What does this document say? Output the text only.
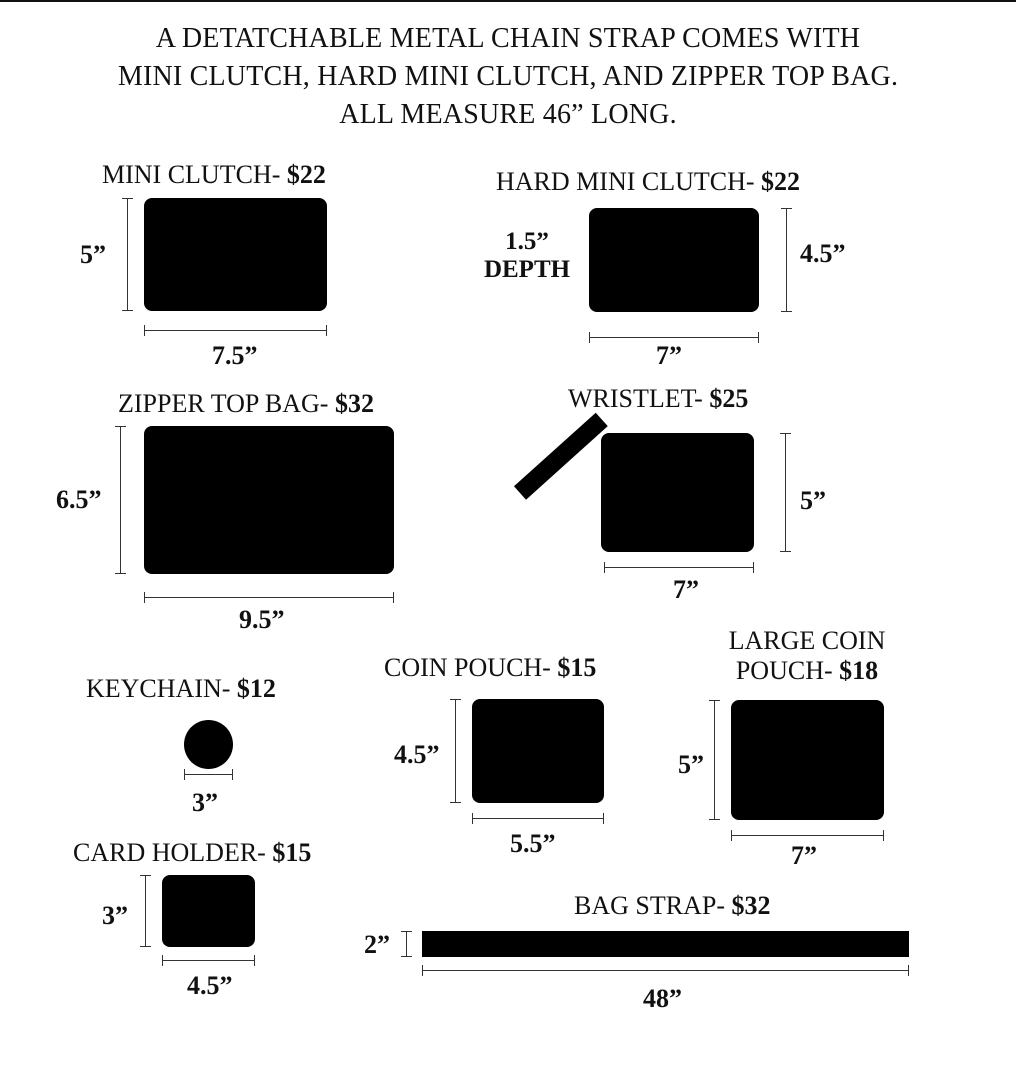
A DETATCHABLE METAL CHAIN STRAP COMES WITH
MINI CLUTCH, HARD MINI CLUTCH, AND ZIPPER TOP BAG.
ALL MEASURE 46” LONG.
MINI CLUTCH- $22
5”
7.5”
HARD MINI CLUTCH- $22
1.5”
DEPTH
4.5”
7”
ZIPPER TOP BAG- $32
6.5”
9.5”
WRISTLET- $25
5”
7”
KEYCHAIN- $12
3”
COIN POUCH- $15
4.5”
5.5”
LARGE COIN
POUCH- $18
5”
7”
CARD HOLDER- $15
3”
4.5”
BAG STRAP- $32
2”
48”
